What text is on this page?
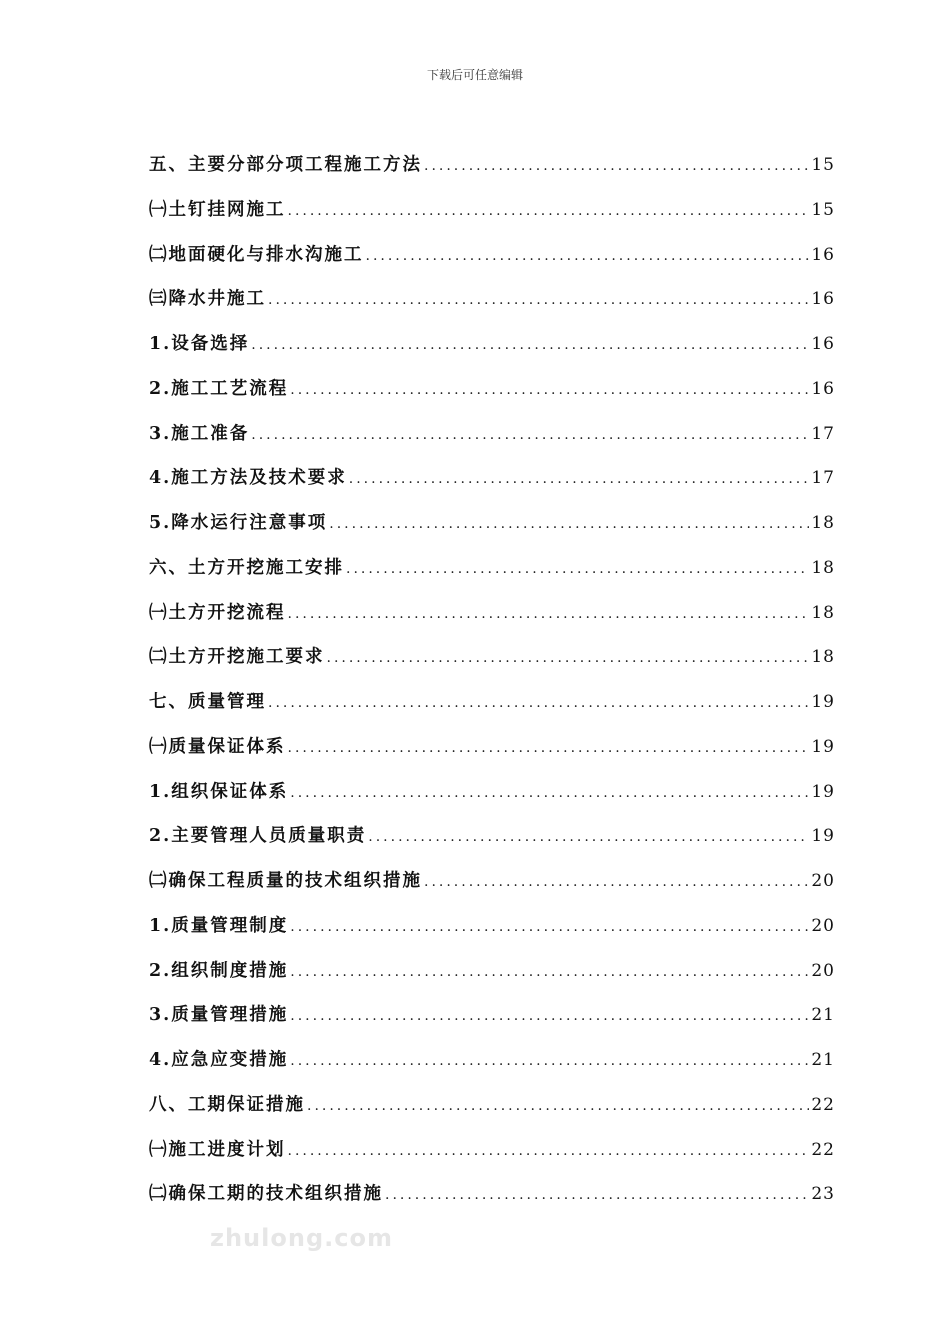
下载后可任意编辑
五、主要分部分项工程施工方法 .....	15
㈠土钉挂网施工 .....	15
㈡地面硬化与排水沟施工 .....	16
㈢降水井施工 .....	16
1.设备选择 .....	16
2.施工工艺流程 .....	16
3.施工准备 .....	17
4.施工方法及技术要求 .....	17
5.降水运行注意事项 .....	18
六、土方开挖施工安排 .....	18
㈠土方开挖流程 .....	18
㈡土方开挖施工要求 .....	18
七、质量管理 .....	19
㈠质量保证体系 .....	19
1.组织保证体系 .....	19
2.主要管理人员质量职责 .....	19
㈡确保工程质量的技术组织措施 .....	20
1.质量管理制度 .....	20
2.组织制度措施 .....	20
3.质量管理措施 .....	21
4.应急应变措施 .....	21
八、工期保证措施 .....	22
㈠施工进度计划 .....	22
㈡确保工期的技术组织措施 .....	23
zhulong.com
